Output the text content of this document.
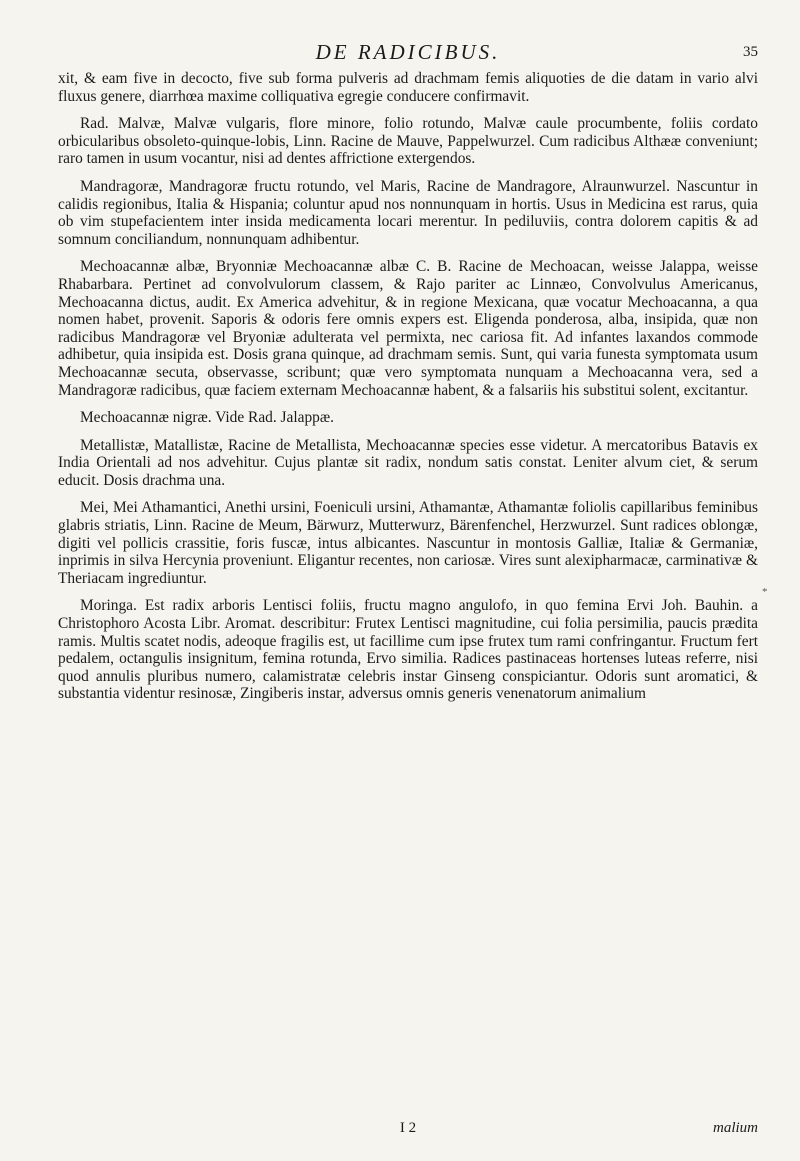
DE RADICIBUS.	35

xit, & eam five in decocto, five sub forma pulveris ad drachmam femis aliquoties de die datam in vario alvi fluxus genere, diarrhœa maxime colliquativa egregie conducere confirmavit.

Rad. Malvæ, Malvæ vulgaris, flore minore, folio rotundo, Malvæ caule procumbente, foliis cordato orbicularibus obsoleto-quinque-lobis, Linn. Racine de Mauve, Pappelwurzel. Cum radicibus Althææ conveniunt; raro tamen in usum vocantur, nisi ad dentes affrictione extergendos.

Mandragoræ, Mandragoræ fructu rotundo, vel Maris, Racine de Mandragore, Alraunwurzel. Nascuntur in calidis regionibus, Italia & Hispania; coluntur apud nos nonnunquam in hortis. Usus in Medicina est rarus, quia ob vim stupefacientem inter insida medicamenta locari merentur. In pediluviis, contra dolorem capitis & ad somnum conciliandum, nonnunquam adhibentur.

Mechoacannæ albæ, Bryonniæ Mechoacannæ albæ C. B. Racine de Mechoacan, weisse Jalappa, weisse Rhabarbara. Pertinet ad convolvulorum classem, & Rajo pariter ac Linnæo, Convolvulus Americanus, Mechoacanna dictus, audit. Ex America advehitur, & in regione Mexicana, quæ vocatur Mechoacanna, a qua nomen habet, provenit. Saporis & odoris fere omnis expers est. Eligenda ponderosa, alba, insipida, quæ non radicibus Mandragoræ vel Bryoniæ adulterata vel permixta, nec cariosa fit. Ad infantes laxandos commode adhibetur, quia insipida est. Dosis grana quinque, ad drachmam semis. Sunt, qui varia funesta symptomata usum Mechoacannæ secuta, observasse, scribunt; quæ vero symptomata nunquam a Mechoacanna vera, sed a Mandragoræ radicibus, quæ faciem externam Mechoacannæ habent, & a falsariis his substitui solent, excitantur.

Mechoacannæ nigræ. Vide Rad. Jalappæ.

Metallistæ, Matallistæ, Racine de Metallista, Mechoacannæ species esse videtur. A mercatoribus Batavis ex India Orientali ad nos advehitur. Cujus plantæ sit radix, nondum satis constat. Leniter alvum ciet, & serum educit. Dosis drachma una.

Mei, Mei Athamantici, Anethi ursini, Foeniculi ursini, Athamantæ, Athamantæ foliolis capillaribus feminibus glabris striatis, Linn. Racine de Meum, Bärwurz, Mutterwurz, Bärenfenchel, Herzwurzel. Sunt radices oblongæ, digiti vel pollicis crassitie, foris fuscæ, intus albicantes. Nascuntur in montosis Galliæ, Italiæ & Germaniæ, inprimis in silva Hercynia proveniunt. Eligantur recentes, non cariosæ. Vires sunt alexipharmacæ, carminativæ & Theriacam ingrediuntur.

Moringa. Est radix arboris Lentisci foliis, fructu magno angulofo, in quo femina Ervi Joh. Bauhin. a Christophoro Acosta Libr. Aromat. describitur: Frutex Lentisci magnitudine, cui folia persimilia, paucis prædita ramis. Multis scatet nodis, adeoque fragilis est, ut facillime cum ipse frutex tum rami confringantur. Fructum fert pedalem, octangulis insignitum, femina rotunda, Ervo similia. Radices pastinaceas hortenses luteas referre, nisi quod annulis pluribus numero, calamistratæ celebris instar Ginseng conspiciantur. Odoris sunt aromatici, & substantia videntur resinosæ, Zingiberis instar, adversus omnis generis venenatorum animalium

I 2	malium
*
